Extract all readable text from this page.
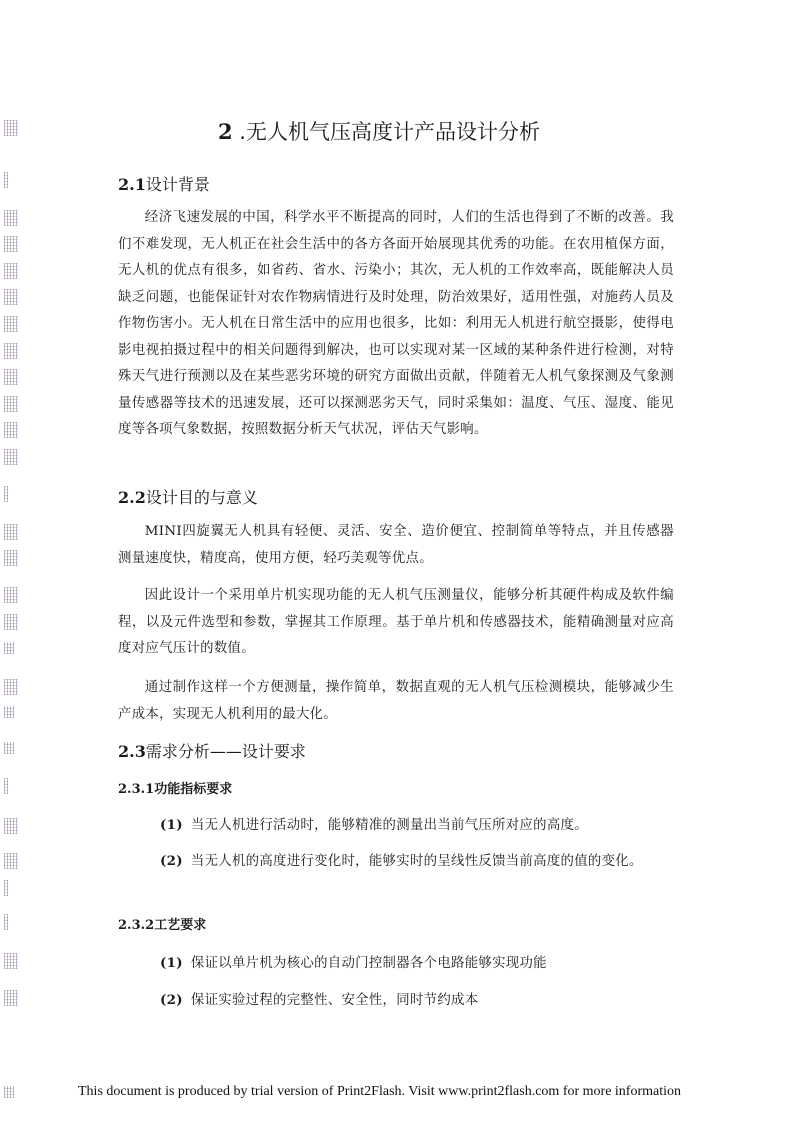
2 .无人机气压高度计产品设计分析
2.1设计背景
经济飞速发展的中国，科学水平不断提高的同时，人们的生活也得到了不断的改善。我们不难发现，无人机正在社会生活中的各方各面开始展现其优秀的功能。在农用植保方面，无人机的优点有很多，如省药、省水、污染小；其次，无人机的工作效率高，既能解决人员缺乏问题，也能保证针对农作物病情进行及时处理，防治效果好，适用性强，对施药人员及作物伤害小。无人机在日常生活中的应用也很多，比如：利用无人机进行航空摄影，使得电影电视拍摄过程中的相关问题得到解决，也可以实现对某一区域的某种条件进行检测，对特殊天气进行预测以及在某些恶劣环境的研究方面做出贡献，伴随着无人机气象探测及气象测量传感器等技术的迅速发展，还可以探测恶劣天气，同时采集如：温度、气压、湿度、能见度等各项气象数据，按照数据分析天气状况，评估天气影响。
2.2设计目的与意义
MINI四旋翼无人机具有轻便、灵活、安全、造价便宜、控制简单等特点，并且传感器测量速度快，精度高，使用方便，轻巧美观等优点。
因此设计一个采用单片机实现功能的无人机气压测量仪，能够分析其硬件构成及软件编程，以及元件选型和参数，掌握其工作原理。基于单片机和传感器技术，能精确测量对应高度对应气压计的数值。
通过制作这样一个方便测量，操作简单，数据直观的无人机气压检测模块，能够减少生产成本，实现无人机利用的最大化。
2.3需求分析——设计要求
2.3.1功能指标要求
(1) 当无人机进行活动时，能够精准的测量出当前气压所对应的高度。
(2) 当无人机的高度进行变化时，能够实时的呈线性反馈当前高度的值的变化。
2.3.2工艺要求
(1) 保证以单片机为核心的自动门控制器各个电路能够实现功能
(2) 保证实验过程的完整性、安全性，同时节约成本
This document is produced by trial version of Print2Flash. Visit www.print2flash.com for more information
